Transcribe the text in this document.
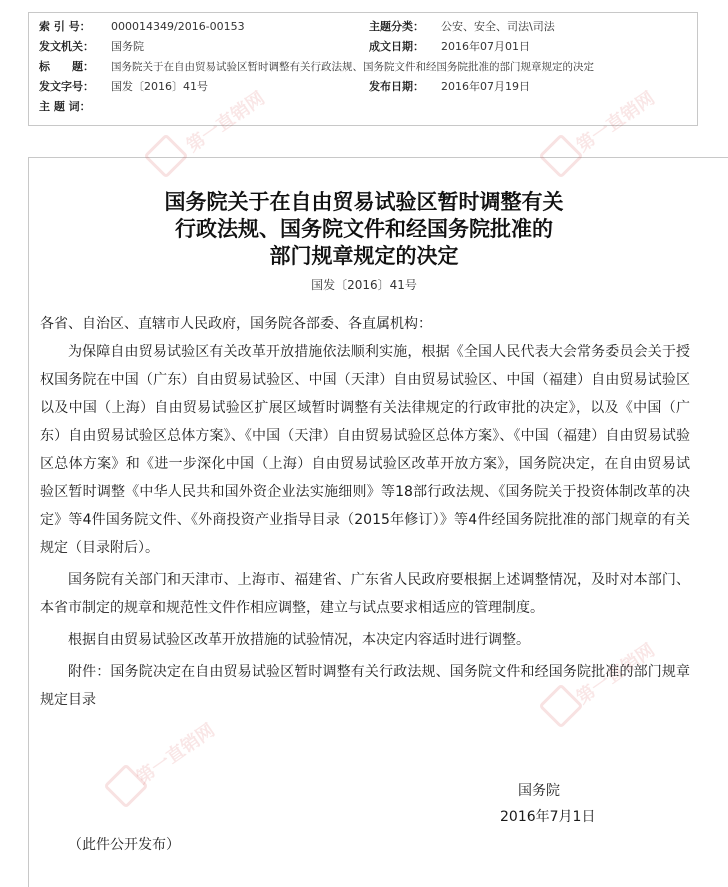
索 引 号： 000014349/2016-00153	主题分类： 公安、安全、司法\司法
发文机关： 国务院	成文日期： 2016年07月01日
标　　题： 国务院关于在自由贸易试验区暂时调整有关行政法规、国务院文件和经国务院批准的部门规章规定的决定
发文字号： 国发〔2016〕41号	发布日期： 2016年07月19日
主 题 词：
第一直销网
第一直销网
国务院关于在自由贸易试验区暂时调整有关
行政法规、国务院文件和经国务院批准的
部门规章规定的决定
国发〔2016〕41号
各省、自治区、直辖市人民政府，国务院各部委、各直属机构：

为保障自由贸易试验区有关改革开放措施依法顺利实施，根据《全国人民代表大会常务委员会关于授权国务院在中国（广东）自由贸易试验区、中国（天津）自由贸易试验区、中国（福建）自由贸易试验区以及中国（上海）自由贸易试验区扩展区域暂时调整有关法律规定的行政审批的决定》，以及《中国（广东）自由贸易试验区总体方案》、《中国（天津）自由贸易试验区总体方案》、《中国（福建）自由贸易试验区总体方案》和《进一步深化中国（上海）自由贸易试验区改革开放方案》，国务院决定，在自由贸易试验区暂时调整《中华人民共和国外资企业法实施细则》等18部行政法规、《国务院关于投资体制改革的决定》等4件国务院文件、《外商投资产业指导目录（2015年修订）》等4件经国务院批准的部门规章的有关规定（目录附后）。

国务院有关部门和天津市、上海市、福建省、广东省人民政府要根据上述调整情况，及时对本部门、本省市制定的规章和规范性文件作相应调整，建立与试点要求相适应的管理制度。

根据自由贸易试验区改革开放措施的试验情况，本决定内容适时进行调整。

附件：国务院决定在自由贸易试验区暂时调整有关行政法规、国务院文件和经国务院批准的部门规章规定目录

国务院
2016年7月1日
（此件公开发布）
